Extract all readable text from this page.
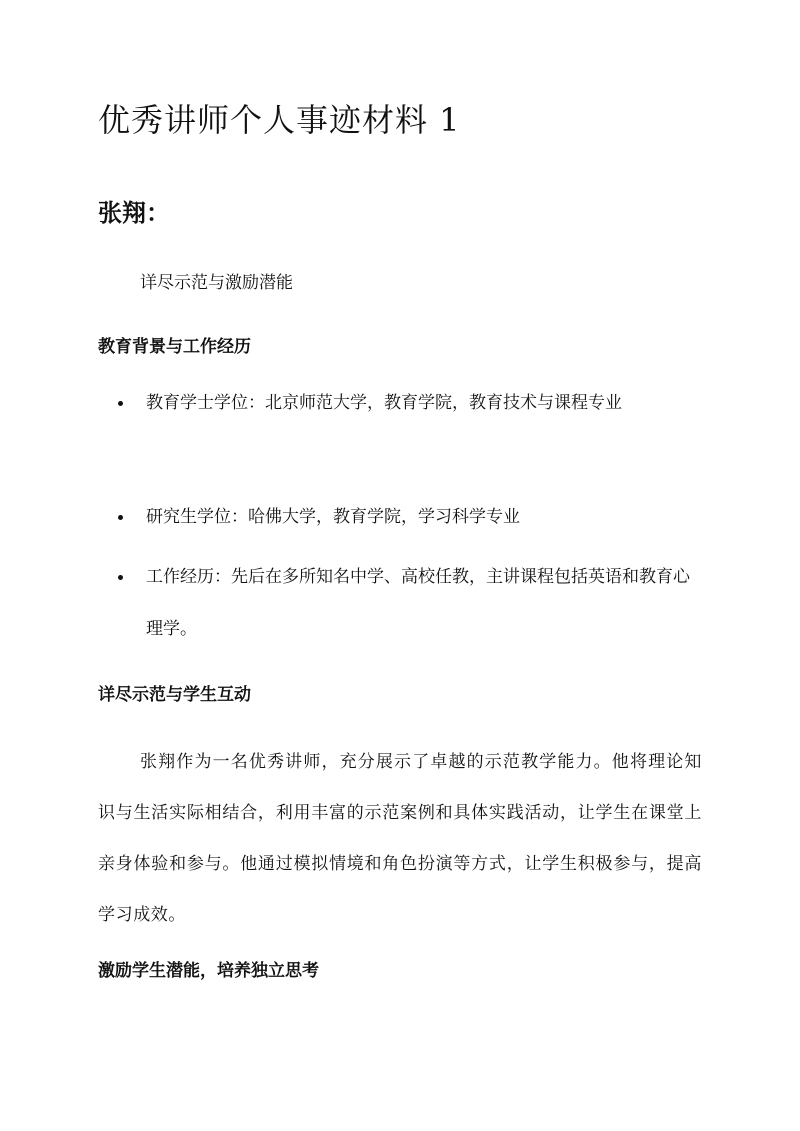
优秀讲师个人事迹材料 1
张翔：

详尽示范与激励潜能

教育背景与工作经历
教育学士学位：北京师范大学，教育学院，教育技术与课程专业
研究生学位：哈佛大学，教育学院，学习科学专业
工作经历：先后在多所知名中学、高校任教，主讲课程包括英语和教育心理学。
详尽示范与学生互动

张翔作为一名优秀讲师，充分展示了卓越的示范教学能力。他将理论知识与生活实际相结合，利用丰富的示范案例和具体实践活动，让学生在课堂上亲身体验和参与。他通过模拟情境和角色扮演等方式，让学生积极参与，提高学习成效。

激励学生潜能，培养独立思考
